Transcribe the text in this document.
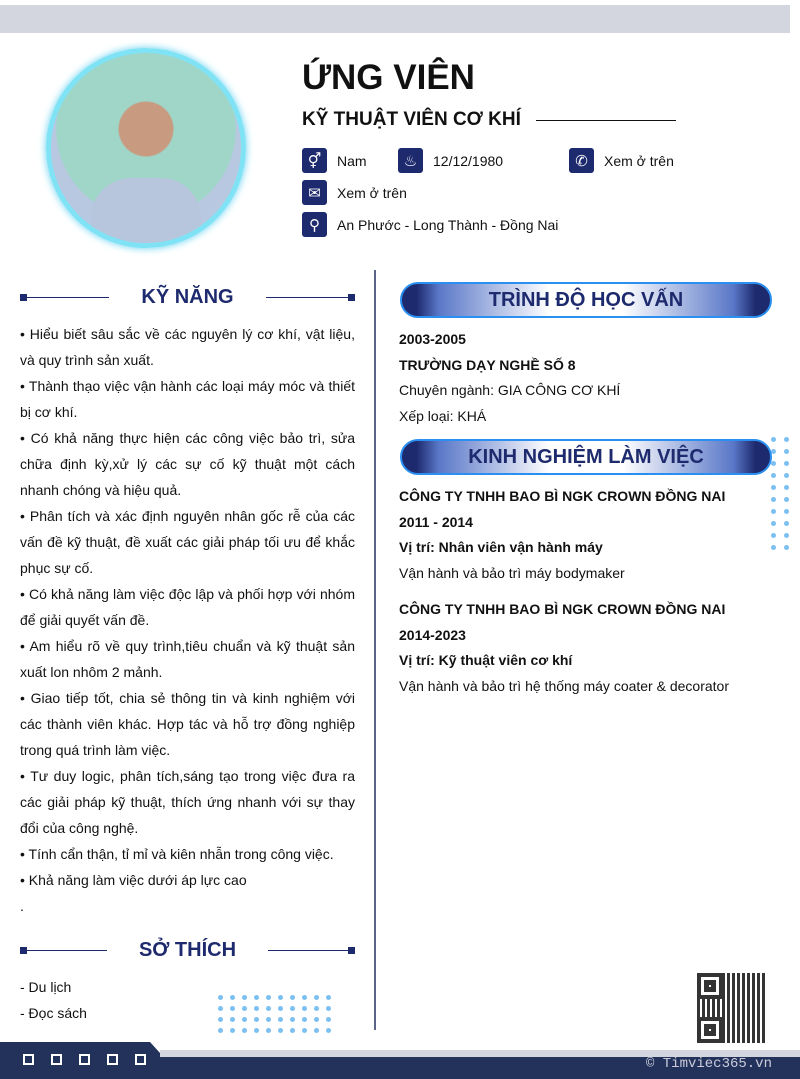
ỨNG VIÊN
KỸ THUẬT VIÊN CƠ KHÍ
⚥	Nam	♨	12/12/1980	✆	Xem ở trên
✉	Xem ở trên
⚲	An Phước - Long Thành - Đồng Nai
KỸ NĂNG
• Hiểu biết sâu sắc về các nguyên lý cơ khí, vật liệu, và quy trình sản xuất.
• Thành thạo việc vận hành các loại máy móc và thiết bị cơ khí.
• Có khả năng thực hiện các công việc bảo trì, sửa chữa định kỳ,xử lý các sự cố kỹ thuật một cách nhanh chóng và hiệu quả.
• Phân tích và xác định nguyên nhân gốc rễ của các vấn đề kỹ thuật, đề xuất các giải pháp tối ưu để khắc phục sự cố.
• Có khả năng làm việc độc lập và phối hợp với nhóm để giải quyết vấn đề.
• Am hiểu rõ về quy trình,tiêu chuẩn và kỹ thuật sản xuất lon nhôm 2 mảnh.
• Giao tiếp tốt, chia sẻ thông tin và kinh nghiệm với các thành viên khác. Hợp tác và hỗ trợ đồng nghiệp trong quá trình làm việc.
• Tư duy logic, phân tích,sáng tạo trong việc đưa ra các giải pháp kỹ thuật, thích ứng nhanh với sự thay đổi của công nghệ.
• Tính cẩn thận, tỉ mỉ và kiên nhẫn trong công việc.
• Khả năng làm việc dưới áp lực cao
.
SỞ THÍCH
- Du lịch
- Đọc sách
TRÌNH ĐỘ HỌC VẤN
2003-2005
TRƯỜNG DẠY NGHỀ SỐ 8
Chuyên ngành: GIA CÔNG CƠ KHÍ
Xếp loại: KHÁ
KINH NGHIỆM LÀM VIỆC
CÔNG TY TNHH BAO BÌ NGK CROWN ĐỒNG NAI
2011 - 2014
Vị trí: Nhân viên vận hành máy
Vận hành và bảo trì máy bodymaker
CÔNG TY TNHH BAO BÌ NGK CROWN ĐỒNG NAI
2014-2023
Vị trí: Kỹ thuật viên cơ khí
Vận hành và bảo trì hệ thống máy coater & decorator
© Timviec365.vn
